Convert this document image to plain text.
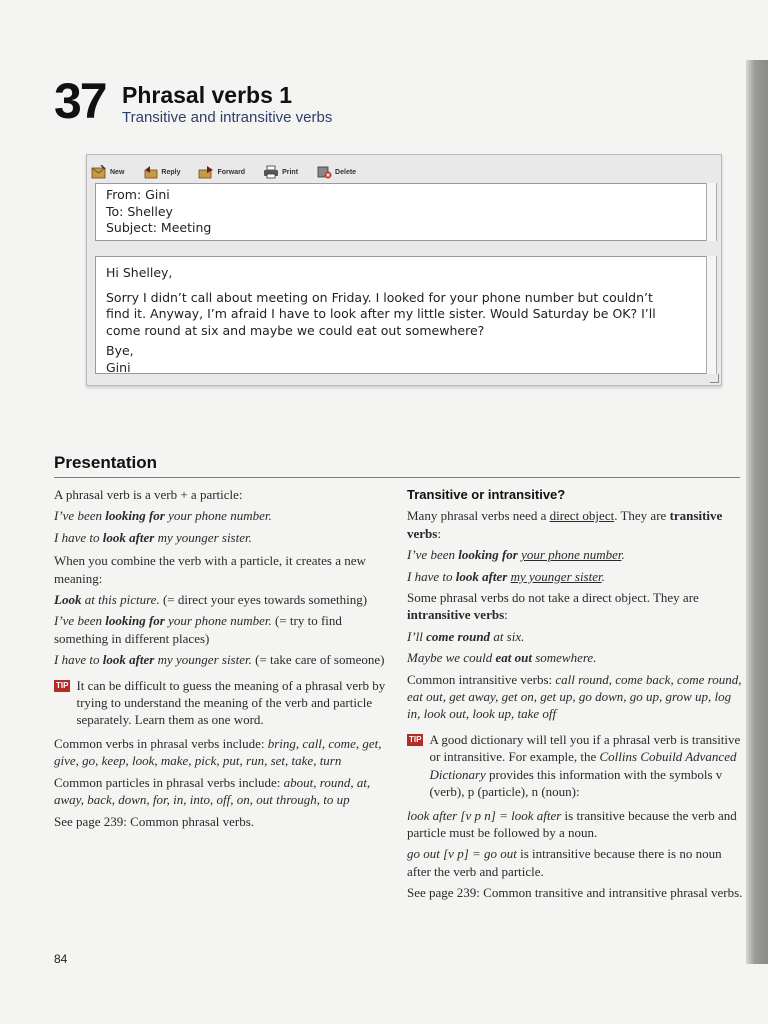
37 Phrasal verbs 1
Transitive and intransitive verbs
New	Reply	Forward	Print	Delete
From: Gini
To: Shelley
Subject: Meeting

Hi Shelley,

Sorry I didn’t call about meeting on Friday. I looked for your phone number but couldn’t find it. Anyway, I’m afraid I have to look after my little sister. Would Saturday be OK? I’ll come round at six and maybe we could eat out somewhere?

Bye,
Gini
Presentation

A phrasal verb is a verb + a particle:

I’ve been looking for your phone number.

I have to look after my younger sister.

When you combine the verb with a particle, it creates a new meaning:

Look at this picture. (= direct your eyes towards something)

I’ve been looking for your phone number. (= try to find something in different places)

I have to look after my younger sister. (= take care of someone)

TIP It can be difficult to guess the meaning of a phrasal verb by trying to understand the meaning of the verb and particle separately. Learn them as one word.

Common verbs in phrasal verbs include: bring, call, come, get, give, go, keep, look, make, pick, put, run, set, take, turn

Common particles in phrasal verbs include: about, round, at, away, back, down, for, in, into, off, on, out through, to up

See page 239: Common phrasal verbs.

Transitive or intransitive?

Many phrasal verbs need a direct object. They are transitive verbs:

I’ve been looking for your phone number.

I have to look after my younger sister.

Some phrasal verbs do not take a direct object. They are intransitive verbs:

I’ll come round at six.

Maybe we could eat out somewhere.

Common intransitive verbs: call round, come back, come round, eat out, get away, get on, get up, go down, go up, grow up, log in, look out, look up, take off

TIP A good dictionary will tell you if a phrasal verb is transitive or intransitive. For example, the Collins Cobuild Advanced Dictionary provides this information with the symbols v (verb), p (particle), n (noun):

look after [v p n] = look after is transitive because the verb and particle must be followed by a noun.

go out [v p] = go out is intransitive because there is no noun after the verb and particle.

See page 239: Common transitive and intransitive phrasal verbs.

84
